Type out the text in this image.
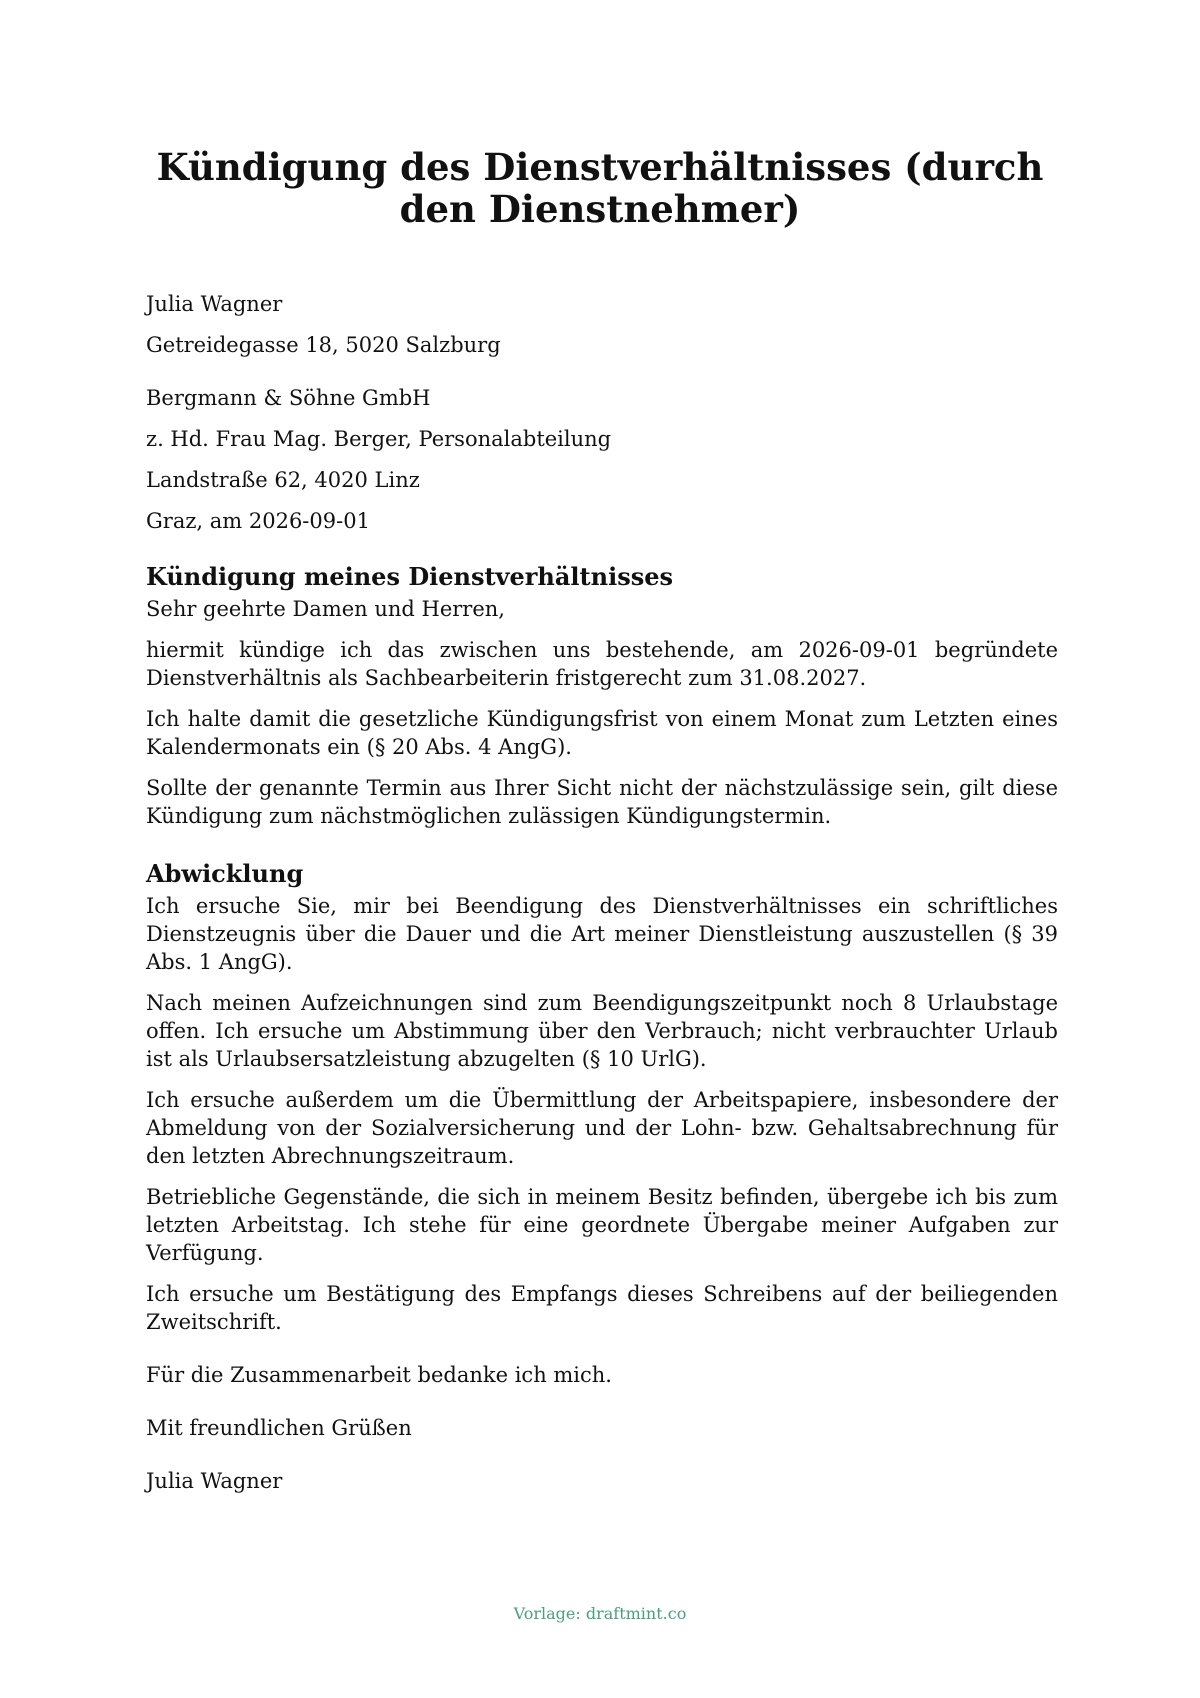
Kündigung des Dienstverhältnisses (durch den Dienstnehmer)

Julia Wagner

Getreidegasse 18, 5020 Salzburg

Bergmann & Söhne GmbH

z. Hd. Frau Mag. Berger, Personalabteilung

Landstraße 62, 4020 Linz

Graz, am 2026-09-01

Kündigung meines Dienstverhältnisses

Sehr geehrte Damen und Herren,

hiermit kündige ich das zwischen uns bestehende, am 2026-09-01 begründete Dienstverhältnis als Sachbearbeiterin fristgerecht zum 31.08.2027.

Ich halte damit die gesetzliche Kündigungsfrist von einem Monat zum Letzten eines Kalendermonats ein (§ 20 Abs. 4 AngG).

Sollte der genannte Termin aus Ihrer Sicht nicht der nächstzulässige sein, gilt diese Kündigung zum nächstmöglichen zulässigen Kündigungstermin.

Abwicklung

Ich ersuche Sie, mir bei Beendigung des Dienstverhältnisses ein schriftliches Dienstzeugnis über die Dauer und die Art meiner Dienstleistung auszustellen (§ 39 Abs. 1 AngG).

Nach meinen Aufzeichnungen sind zum Beendigungszeitpunkt noch 8 Urlaubstage offen. Ich ersuche um Abstimmung über den Verbrauch; nicht verbrauchter Urlaub ist als Urlaubsersatzleistung abzugelten (§ 10 UrlG).

Ich ersuche außerdem um die Übermittlung der Arbeitspapiere, insbesondere der Abmeldung von der Sozialversicherung und der Lohn- bzw. Gehaltsabrechnung für den letzten Abrechnungszeitraum.

Betriebliche Gegenstände, die sich in meinem Besitz befinden, übergebe ich bis zum letzten Arbeitstag. Ich stehe für eine geordnete Übergabe meiner Aufgaben zur Verfügung.

Ich ersuche um Bestätigung des Empfangs dieses Schreibens auf der beiliegenden Zweitschrift.

Für die Zusammenarbeit bedanke ich mich.

Mit freundlichen Grüßen

Julia Wagner

Vorlage: draftmint.co
